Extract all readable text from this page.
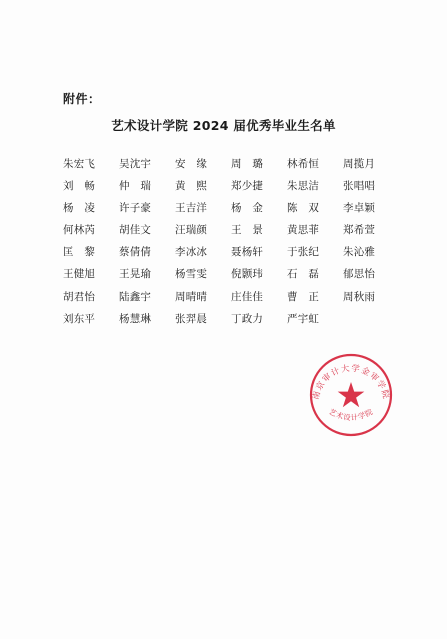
附件：
艺术设计学院 2024 届优秀毕业生名单
朱宏飞	吴沈宇	安　缘	周　璐	林希恒	周揽月
刘　畅	仲　瑞	黄　熙	郑少捷	朱思洁	张唱唱
杨　凌	许子豪	王吉洋	杨　金	陈　双	李卓颖
何林芮	胡佳文	汪瑞颜	王　景	黄思菲	郑希萱
匡　黎	蔡倩倩	李冰冰	聂杨轩	于张纪	朱沁雅
王健旭	王晃瑜	杨雪雯	倪颢玮	石　磊	郁思怡
胡君怡	陆鑫宇	周晴晴	庄佳佳	曹　正	周秋雨
刘东平	杨慧琳	张羿晨	丁政力	严宇虹
南京审计大学金审学院
艺术设计学院
